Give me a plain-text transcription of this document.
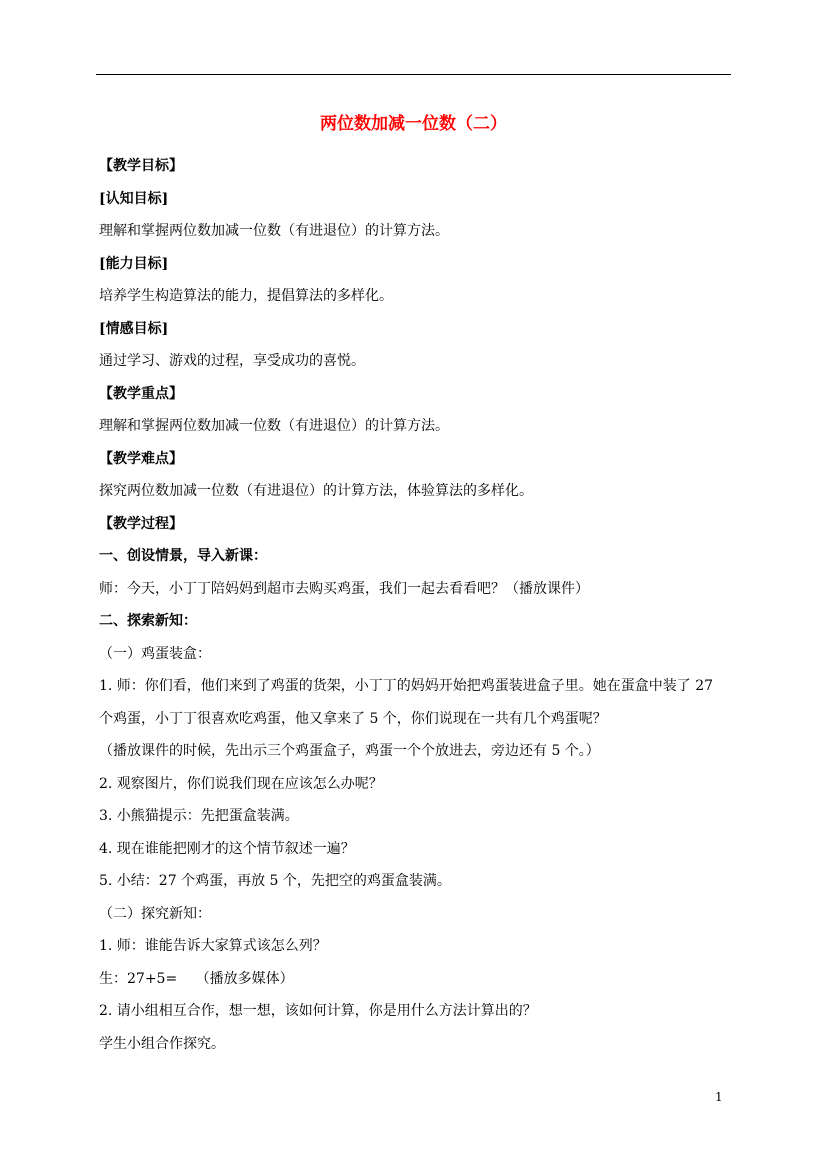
两位数加减一位数（二）
【教学目标】
[认知目标]
理解和掌握两位数加减一位数（有进退位）的计算方法。
[能力目标]
培养学生构造算法的能力，提倡算法的多样化。
[情感目标]
通过学习、游戏的过程，享受成功的喜悦。
【教学重点】
理解和掌握两位数加减一位数（有进退位）的计算方法。
【教学难点】
探究两位数加减一位数（有进退位）的计算方法，体验算法的多样化。
【教学过程】
一、创设情景，导入新课：
师：今天，小丁丁陪妈妈到超市去购买鸡蛋，我们一起去看看吧？（播放课件）
二、探索新知：
（一）鸡蛋装盒：
1. 师：你们看，他们来到了鸡蛋的货架，小丁丁的妈妈开始把鸡蛋装进盒子里。她在蛋盒中装了 27
个鸡蛋，小丁丁很喜欢吃鸡蛋，他又拿来了 5 个，你们说现在一共有几个鸡蛋呢？
（播放课件的时候，先出示三个鸡蛋盒子，鸡蛋一个个放进去，旁边还有 5 个。）
2. 观察图片，你们说我们现在应该怎么办呢？
3. 小熊猫提示：先把蛋盒装满。
4. 现在谁能把刚才的这个情节叙述一遍？
5. 小结：27 个鸡蛋，再放 5 个，先把空的鸡蛋盒装满。
（二）探究新知：
1. 师：谁能告诉大家算式该怎么列？
生：27+5=　 （播放多媒体）
2. 请小组相互合作，想一想，该如何计算，你是用什么方法计算出的？
学生小组合作探究。
1
